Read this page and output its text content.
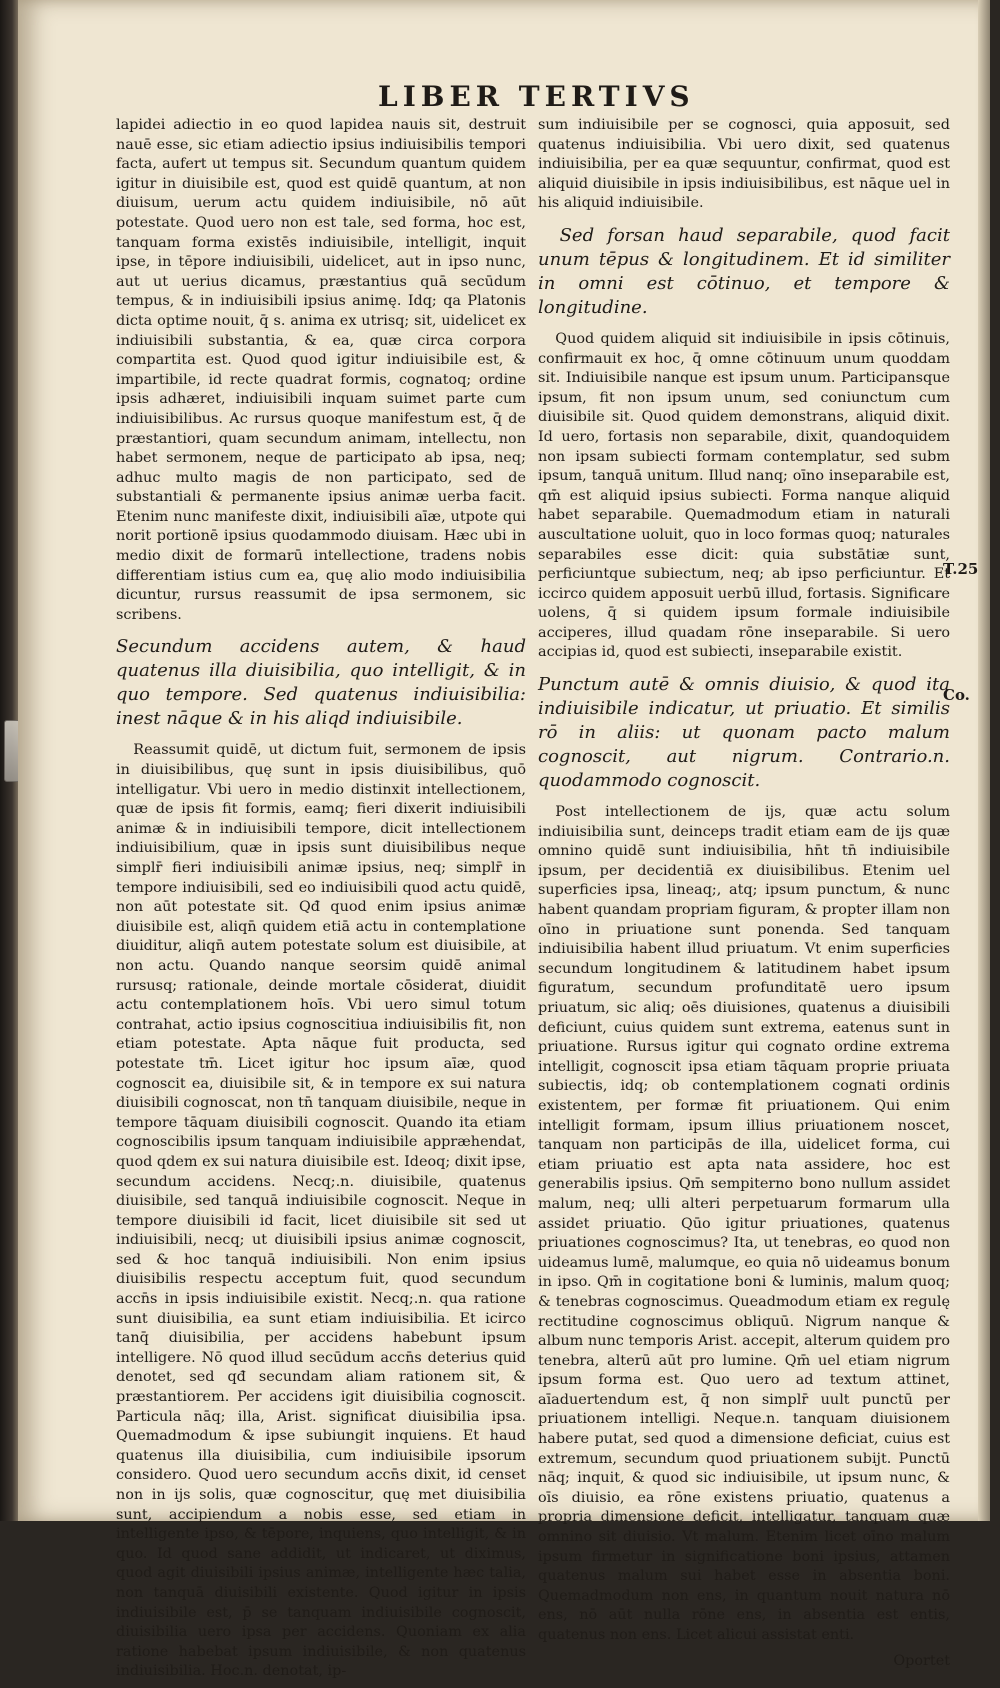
LIBER TERTIVS

lapidei adiectio in eo quod lapidea nauis sit, destruit nauē esse, sic etiam adiectio ipsius indiuisibilis tempori facta, aufert ut tempus sit. Secundum quantum quidem igitur in diuisibile est, quod est quidē quantum, at non diuisum, uerum actu quidem indiuisibile, nō aūt potestate. Quod uero non est tale, sed forma, hoc est, tanquam forma existēs indiuisibile, intelligit, inquit ipse, in tēpore indiuisibili, uidelicet, aut in ipso nunc, aut ut uerius dicamus, præstantius quā secūdum tempus, & in indiuisibili ipsius animę. Idq; qa Platonis dicta optime nouit, q̄ s. anima ex utrisq; sit, uidelicet ex indiuisibili substantia, & ea, quæ circa corpora compartita est. Quod quod igitur indiuisibile est, & impartibile, id recte quadrat formis, cognatoq; ordine ipsis adhæret, indiuisibili inquam suimet parte cum indiuisibilibus. Ac rursus quoque manifestum est, q̄ de præstantiori, quam secundum animam, intellectu, non habet sermonem, neque de participato ab ipsa, neq; adhuc multo magis de non participato, sed de substantiali & permanente ipsius animæ uerba facit. Etenim nunc manifeste dixit, indiuisibili aīæ, utpote qui norit portionē ipsius quodammodo diuisam. Hæc ubi in medio dixit de formarū intellectione, tradens nobis differentiam istius cum ea, quę alio modo indiuisibilia dicuntur, rursus reassumit de ipsa sermonem, sic scribens.

Secundum accidens autem, & haud quatenus illa diuisibilia, quo intelligit, & in quo tempore. Sed quatenus indiuisibilia: inest nāque & in his aliqd indiuisibile.

Reassumit quidē, ut dictum fuit, sermonem de ipsis in diuisibilibus, quę sunt in ipsis diuisibilibus, quō intelligatur. Vbi uero in medio distinxit intellectionem, quæ de ipsis fit formis, eamq; fieri dixerit indiuisibili animæ & in indiuisibili tempore, dicit intellectionem indiuisibilium, quæ in ipsis sunt diuisibilibus neque simplr̄ fieri indiuisibili animæ ipsius, neq; simplr̄ in tempore indiuisibili, sed eo indiuisibili quod actu quidē, non aūt potestate sit. Qđ quod enim ipsius animæ diuisibile est, aliqn̄ quidem etiā actu in contemplatione diuiditur, aliqn̄ autem potestate solum est diuisibile, at non actu. Quando nanque seorsim quidē animal rursusq; rationale, deinde mortale cōsiderat, diuidit actu contemplationem hoīs. Vbi uero simul totum contrahat, actio ipsius cognoscitiua indiuisibilis fit, non etiam potestate. Apta nāque fuit producta, sed potestate tm̄. Licet igitur hoc ipsum aīæ, quod cognoscit ea, diuisibile sit, & in tempore ex sui natura diuisibili cognoscat, non tn̄ tanquam diuisibile, neque in tempore tāquam diuisibili cognoscit. Quando ita etiam cognoscibilis ipsum tanquam indiuisibile appræhendat, quod qdem ex sui natura diuisibile est. Ideoq; dixit ipse, secundum accidens. Necq;.n. diuisibile, quatenus diuisibile, sed tanquā indiuisibile cognoscit. Neque in tempore diuisibili id facit, licet diuisibile sit sed ut indiuisibili, necq; ut diuisibili ipsius animæ cognoscit, sed & hoc tanquā indiuisibili. Non enim ipsius diuisibilis respectu acceptum fuit, quod secundum accn̄s in ipsis indiuisibile existit. Necq;.n. qua ratione sunt diuisibilia, ea sunt etiam indiuisibilia. Et icirco tanq̄ diuisibilia, per accidens habebunt ipsum intelligere. Nō quod illud secūdum accn̄s deterius quid denotet, sed qđ secundam aliam rationem sit, & præstantiorem. Per accidens igit diuisibilia cognoscit. Particula nāq; illa, Arist. significat diuisibilia ipsa. Quemadmodum & ipse subiungit inquiens. Et haud quatenus illa diuisibilia, cum indiuisibile ipsorum considero. Quod uero secundum accn̄s dixit, id censet non in ijs solis, quæ cognoscitur, quę met diuisibilia sunt, accipiendum a nobis esse, sed etiam in intelligente ipso, & tēpore, inquiens, quo intelligit, & in quo. Id quod sane addidit, ut indicaret, ut diximus, quod agit diuisibili ipsius animæ, intelligente hæc talia, non tanquā diuisibili existente. Quod igitur in ipsis indiuisibile est, p̄ se tanquam indiuisibile cognoscit, diuisibilia uero ipsa per accidens. Quoniam ex alia ratione habebat ipsum indiuisibile, & non quatenus indiuisibilia. Hoc.n. denotat, ip-

sum indiuisibile per se cognosci, quia apposuit, sed quatenus indiuisibilia. Vbi uero dixit, sed quatenus indiuisibilia, per ea quæ sequuntur, confirmat, quod est aliquid diuisibile in ipsis indiuisibilibus, est nāque uel in his aliquid indiuisibile.

Sed forsan haud separabile, quod facit unum tēpus & longitudinem. Et id similiter in omni est cōtinuo, et tempore & longitudine.

Quod quidem aliquid sit indiuisibile in ipsis cōtinuis, confirmauit ex hoc, q̄ omne cōtinuum unum quoddam sit. Indiuisibile nanque est ipsum unum. Participansque ipsum, fit non ipsum unum, sed coniunctum cum diuisibile sit. Quod quidem demonstrans, aliquid dixit. Id uero, fortasis non separabile, dixit, quandoquidem non ipsam subiecti formam contemplatur, sed subm ipsum, tanquā unitum. Illud nanq; oīno inseparabile est, qm̄ est aliquid ipsius subiecti. Forma nanque aliquid habet separabile. Quemadmodum etiam in naturali auscultatione uoluit, quo in loco formas quoq; naturales separabiles esse dicit: quia substātiæ sunt, perficiuntque subiectum, neq; ab ipso perficiuntur. Et iccirco quidem apposuit uerbū illud, fortasis. Significare uolens, q̄ si quidem ipsum formale indiuisibile acciperes, illud quadam rōne inseparabile. Si uero accipias id, quod est subiecti, inseparabile existit.

Punctum autē & omnis diuisio, & quod ita indiuisibile indicatur, ut priuatio. Et similis rō in aliis: ut quonam pacto malum cognoscit, aut nigrum. Contrario.n. quodammodo cognoscit.

Post intellectionem de ijs, quæ actu solum indiuisibilia sunt, deinceps tradit etiam eam de ijs quæ omnino quidē sunt indiuisibilia, hn̄t tn̄ indiuisibile ipsum, per decidentiā ex diuisibilibus. Etenim uel superficies ipsa, lineaq;, atq; ipsum punctum, & nunc habent quandam propriam figuram, & propter illam non oīno in priuatione sunt ponenda. Sed tanquam indiuisibilia habent illud priuatum. Vt enim superficies secundum longitudinem & latitudinem habet ipsum figuratum, secundum profunditatē uero ipsum priuatum, sic aliq; oēs diuisiones, quatenus a diuisibili deficiunt, cuius quidem sunt extrema, eatenus sunt in priuatione. Rursus igitur qui cognato ordine extrema intelligit, cognoscit ipsa etiam tāquam proprie priuata subiectis, idq; ob contemplationem cognati ordinis existentem, per formæ fit priuationem. Qui enim intelligit formam, ipsum illius priuationem noscet, tanquam non participās de illa, uidelicet forma, cui etiam priuatio est apta nata assidere, hoc est generabilis ipsius. Qm̄ sempiterno bono nullum assidet malum, neq; ulli alteri perpetuarum formarum ulla assidet priuatio. Qūo igitur priuationes, quatenus priuationes cognoscimus? Ita, ut tenebras, eo quod non uideamus lumē, malumque, eo quia nō uideamus bonum in ipso. Qm̄ in cogitatione boni & luminis, malum quoq; & tenebras cognoscimus. Queadmodum etiam ex regulę rectitudine cognoscimus obliquū. Nigrum nanque & album nunc temporis Arist. accepit, alterum quidem pro tenebra, alterū aūt pro lumine. Qm̄ uel etiam nigrum ipsum forma est. Quo uero ad textum attinet, aīaduertendum est, q̄ non simplr̄ uult punctū per priuationem intelligi. Neque.n. tanquam diuisionem habere putat, sed quod a dimensione deficiat, cuius est extremum, secundum quod priuationem subijt. Punctū nāq; inquit, & quod sic indiuisibile, ut ipsum nunc, & oīs diuisio, ea rōne existens priuatio, quatenus a propria dimensione deficit, intelligatur, tanquam quæ omnino sit diuisio. Vt malum. Etenim licet oīno malum ipsum firmetur in significatione boni ipsius, attamen quatenus malum sui habet esse in absentia boni. Quemadmodum non ens, in quantum nouit natura nō ens, nō aūt nulla rōne ens, in absentia est entis, quatenus non ens. Licet alicui assistat enti.

Oportet
T.25
Co.
